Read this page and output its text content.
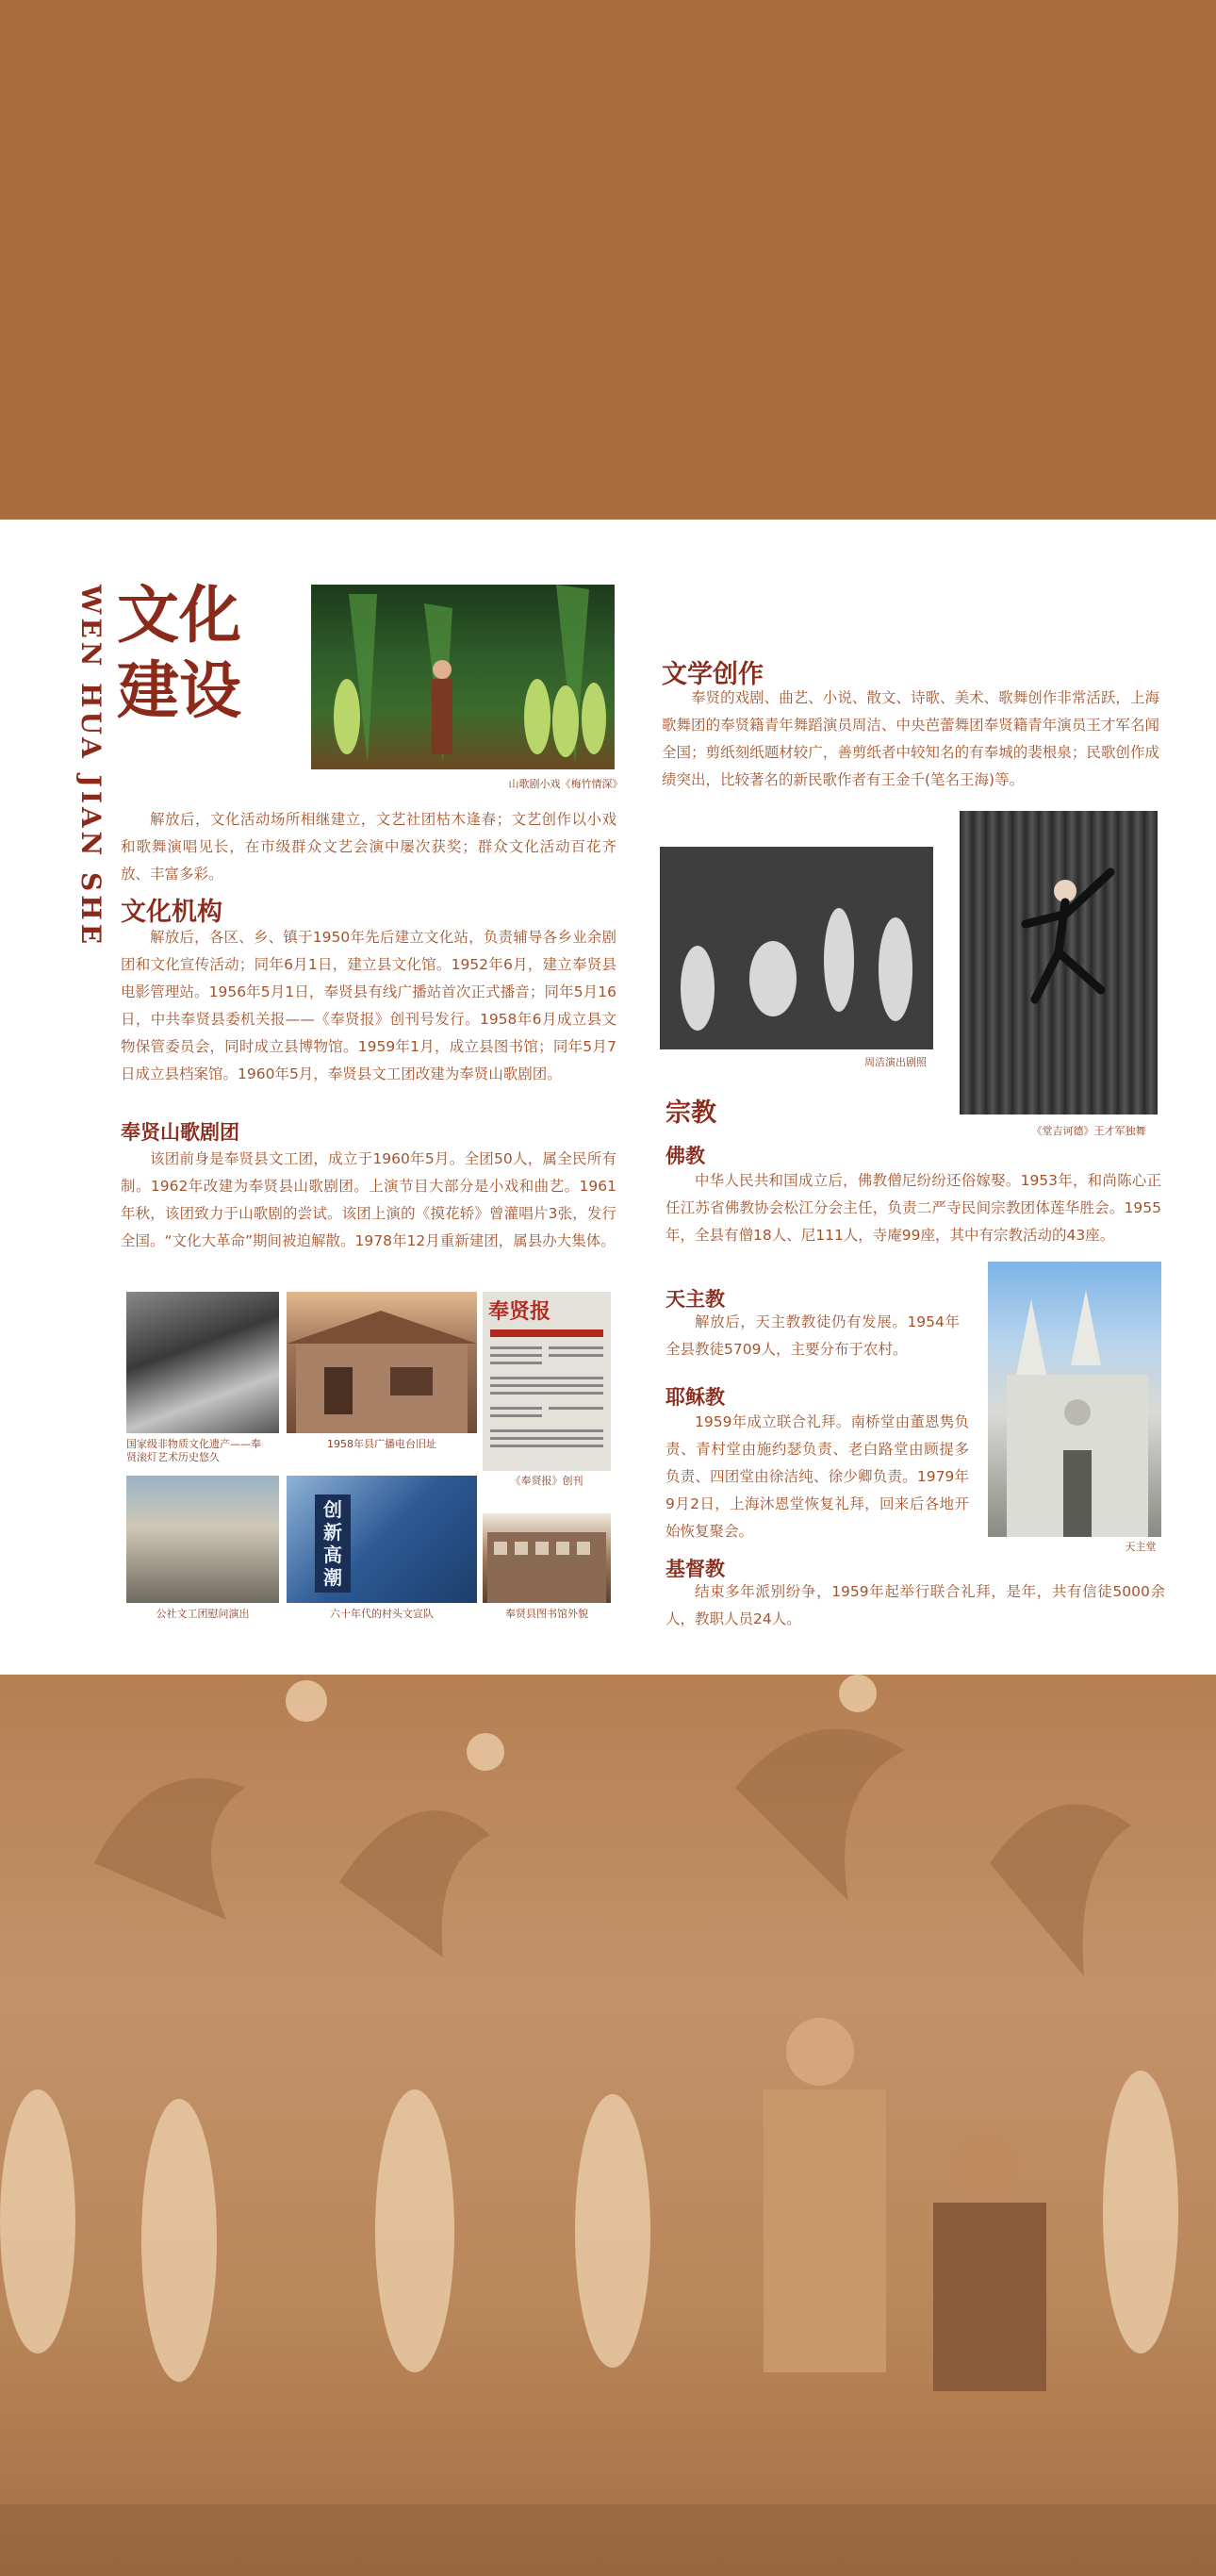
WEN HUA JIAN SHE 文化
建设
山歌剧小戏《梅竹情深》

解放后，文化活动场所相继建立，文艺社团枯木逢春；文艺创作以小戏和歌舞演唱见长，在市级群众文艺会演中屡次获奖；群众文化活动百花齐放、丰富多彩。

文化机构

解放后，各区、乡、镇于1950年先后建立文化站，负责辅导各乡业余剧团和文化宣传活动；同年6月1日，建立县文化馆。1952年6月，建立奉贤县电影管理站。1956年5月1日，奉贤县有线广播站首次正式播音；同年5月16日，中共奉贤县委机关报——《奉贤报》创刊号发行。1958年6月成立县文物保管委员会，同时成立县博物馆。1959年1月，成立县图书馆；同年5月7日成立县档案馆。1960年5月，奉贤县文工团改建为奉贤山歌剧团。

奉贤山歌剧团

该团前身是奉贤县文工团，成立于1960年5月。全团50人，属全民所有制。1962年改建为奉贤县山歌剧团。上演节目大部分是小戏和曲艺。1961年秋，该团致力于山歌剧的尝试。该团上演的《摸花轿》曾灌唱片3张，发行全国。“文化大革命”期间被迫解散。1978年12月重新建团，属县办大集体。

国家级非物质文化遗产——奉贤滚灯艺术历史悠久
1958年县广播电台旧址
奉贤报
《奉贤报》创刊
公社文工团慰问演出
创新高潮
六十年代的村头文宣队	奉贤县图书馆外貌
文学创作

奉贤的戏剧、曲艺、小说、散文、诗歌、美术、歌舞创作非常活跃，上海歌舞团的奉贤籍青年舞蹈演员周洁、中央芭蕾舞团奉贤籍青年演员王才军名闻全国；剪纸刻纸题材较广，善剪纸者中较知名的有奉城的裴根泉；民歌创作成绩突出，比较著名的新民歌作者有王金千(笔名王海)等。

周洁演出剧照
《堂吉诃德》王才军独舞
宗教
佛教

中华人民共和国成立后，佛教僧尼纷纷还俗嫁娶。1953年，和尚陈心正任江苏省佛教协会松江分会主任，负责二严寺民间宗教团体莲华胜会。1955年，全县有僧18人、尼111人，寺庵99座，其中有宗教活动的43座。

天主教

解放后，天主教教徒仍有发展。1954年全县教徒5709人，主要分布于农村。

天主堂
耶稣教

1959年成立联合礼拜。南桥堂由董恩隽负责、青村堂由施约瑟负责、老白路堂由顾提多负责、四团堂由徐洁纯、徐少卿负责。1979年9月2日，上海沐恩堂恢复礼拜，回来后各地开始恢复聚会。

基督教

结束多年派别纷争，1959年起举行联合礼拜，是年，共有信徒5000余人，教职人员24人。
